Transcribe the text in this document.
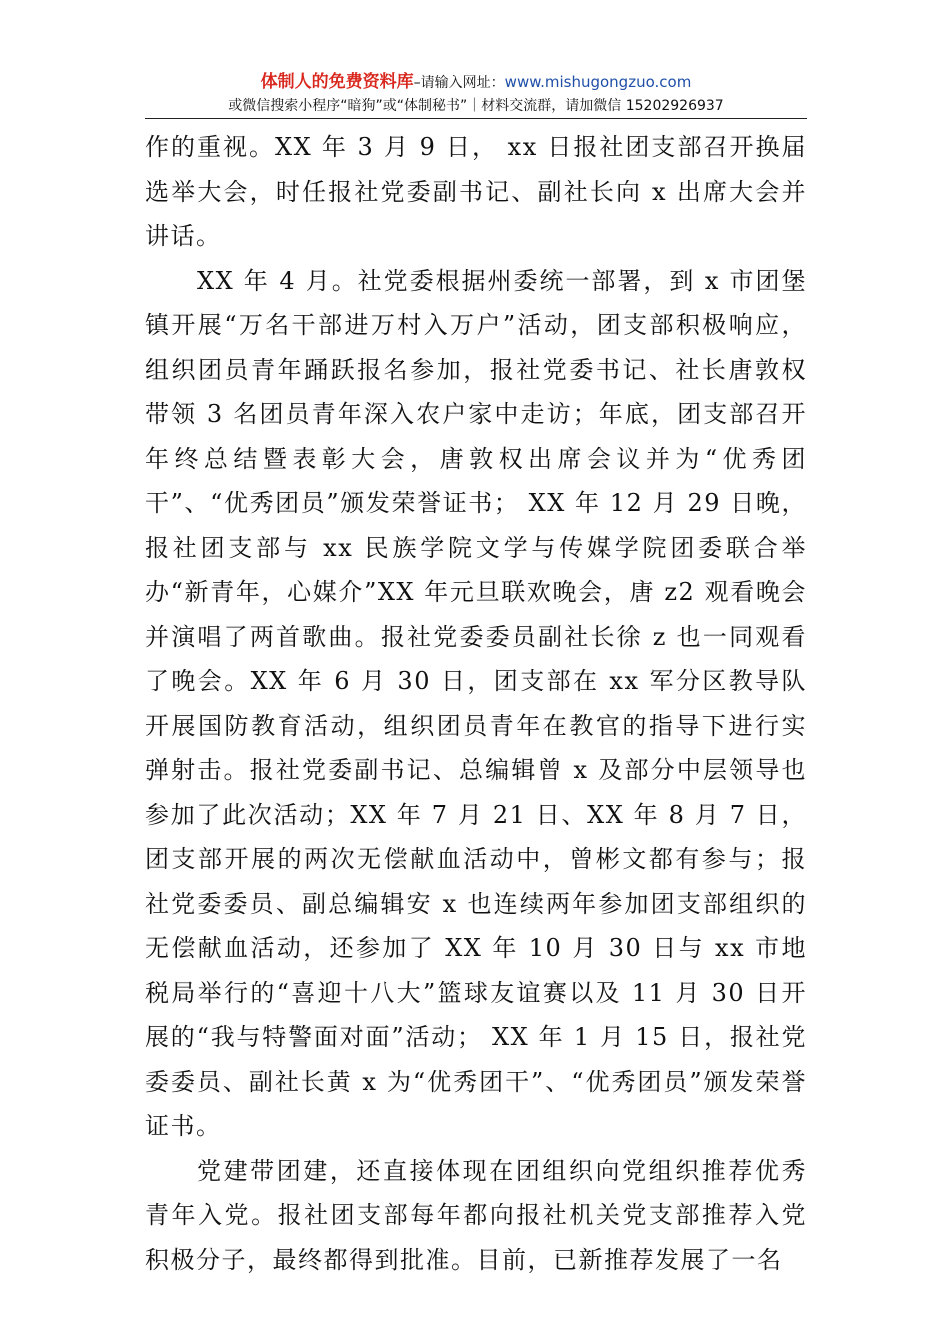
体制人的免费资料库–请输入网址：www.mishugongzuo.com
或微信搜索小程序“暗狗”或“体制秘书”｜材料交流群，请加微信 15202926937

作的重视。XX 年 3 月 9 日， xx 日报社团支部召开换届选举大会，时任报社党委副书记、副社长向 x 出席大会并讲话。

XX 年 4 月。社党委根据州委统一部署，到 x 市团堡镇开展“万名干部进万村入万户”活动，团支部积极响应，组织团员青年踊跃报名参加，报社党委书记、社长唐敦权带领 3 名团员青年深入农户家中走访；年底，团支部召开年终总结暨表彰大会，唐敦权出席会议并为“优秀团干”、“优秀团员”颁发荣誉证书； XX 年 12 月 29 日晚，报社团支部与 xx 民族学院文学与传媒学院团委联合举办“新青年，心媒介”XX 年元旦联欢晚会，唐 z2 观看晚会并演唱了两首歌曲。报社党委委员副社长徐 z 也一同观看了晚会。XX 年 6 月 30 日，团支部在 xx 军分区教导队开展国防教育活动，组织团员青年在教官的指导下进行实弹射击。报社党委副书记、总编辑曾 x 及部分中层领导也参加了此次活动；XX 年 7 月 21 日、XX 年 8 月 7 日，团支部开展的两次无偿献血活动中，曾彬文都有参与；报社党委委员、副总编辑安 x 也连续两年参加团支部组织的无偿献血活动，还参加了 XX 年 10 月 30 日与 xx 市地税局举行的“喜迎十八大”篮球友谊赛以及 11 月 30 日开展的“我与特警面对面”活动； XX 年 1 月 15 日，报社党委委员、副社长黄 x 为“优秀团干”、“优秀团员”颁发荣誉证书。

党建带团建，还直接体现在团组织向党组织推荐优秀青年入党。报社团支部每年都向报社机关党支部推荐入党积极分子，最终都得到批准。目前，已新推荐发展了一名
